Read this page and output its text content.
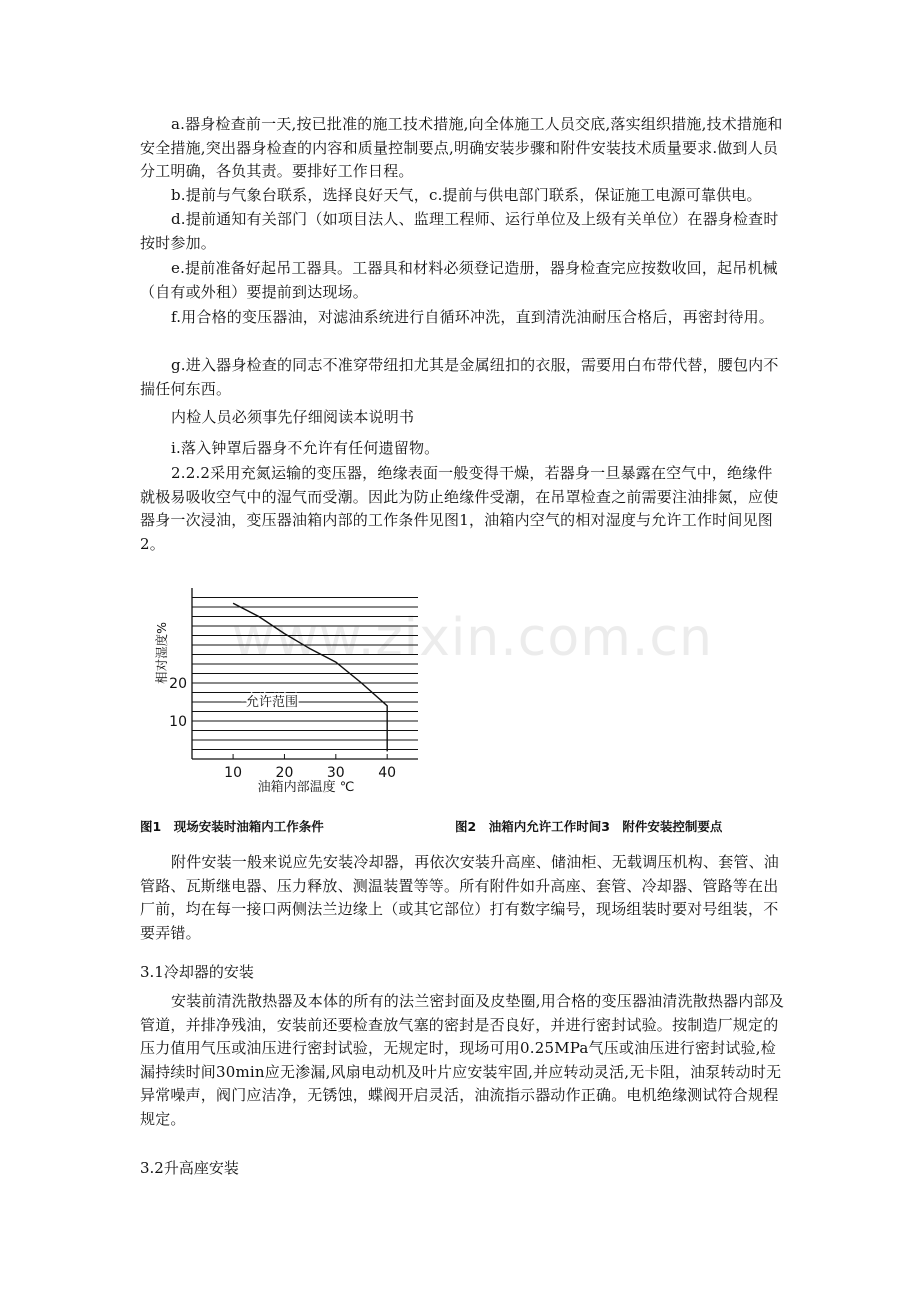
a.器身检查前一天,按已批准的施工技术措施,向全体施工人员交底,落实组织措施,技术措施和安全措施,突出器身检查的内容和质量控制要点,明确安装步骤和附件安装技术质量要求.做到人员分工明确，各负其责。要排好工作日程。

b.提前与气象台联系，选择良好天气，c.提前与供电部门联系，保证施工电源可靠供电。

d.提前通知有关部门（如项目法人、监理工程师、运行单位及上级有关单位）在器身检查时按时参加。

e.提前准备好起吊工器具。工器具和材料必须登记造册，器身检查完应按数收回，起吊机械（自有或外租）要提前到达现场。

f.用合格的变压器油，对滤油系统进行自循环冲洗，直到清洗油耐压合格后，再密封待用。

g.进入器身检查的同志不准穿带纽扣尤其是金属纽扣的衣服，需要用白布带代替，腰包内不揣任何东西。

内检人员必须事先仔细阅读本说明书

i.落入钟罩后器身不允许有任何遗留物。

2.2.2采用充氮运输的变压器，绝缘表面一般变得干燥，若器身一旦暴露在空气中，绝缘件就极易吸收空气中的湿气而受潮。因此为防止绝缘件受潮，在吊罩检查之前需要注油排氮，应使器身一次浸油，变压器油箱内部的工作条件见图1，油箱内空气的相对湿度与允许工作时间见图2。

www.zixin.com.cn
10 20 30 40
10
20
允许范围
相对湿度%
油箱内部温度 ℃

图1　现场安装时油箱内工作条件	图2　油箱内允许工作时间3　附件安装控制要点

附件安装一般来说应先安装冷却器，再依次安装升高座、储油柜、无载调压机构、套管、油管路、瓦斯继电器、压力释放、测温装置等等。所有附件如升高座、套管、冷却器、管路等在出厂前，均在每一接口两侧法兰边缘上（或其它部位）打有数字编号，现场组装时要对号组装，不要弄错。

3.1冷却器的安装

安装前清洗散热器及本体的所有的法兰密封面及皮垫圈,用合格的变压器油清洗散热器内部及管道，并排净残油，安装前还要检查放气塞的密封是否良好，并进行密封试验。按制造厂规定的压力值用气压或油压进行密封试验，无规定时，现场可用0.25MPa气压或油压进行密封试验,检漏持续时间30min应无渗漏,风扇电动机及叶片应安装牢固,并应转动灵活,无卡阻，油泵转动时无异常噪声，阀门应洁净，无锈蚀，蝶阀开启灵活，油流指示器动作正确。电机绝缘测试符合规程规定。

3.2升高座安装
